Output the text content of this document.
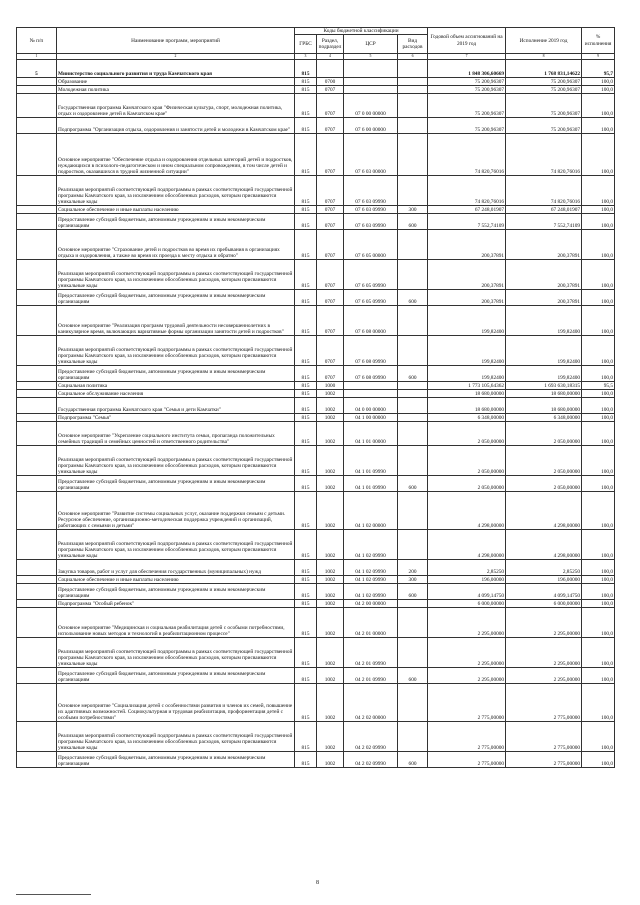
№ п/п	Наименование программ, мероприятий	Коды бюджетной классификации				Годовой объем ассигнований на 2019 год	Исполнение 2019 год	% исполнения
		ГРБС	Раздел, подраздел	ЦСР	Вид расходов			
1	2	3	4	5	6	7	8	9
5	Министерство социального развития и труда Камчатского края	815				1 848 306,60669	1 768 831,14622	95,7
	Образование	815	0700			75 200,96307	75 200,96307	100,0
	Молодежная политика	815	0707			75 200,96307	75 200,96307	100,0
	Государственная программа Камчатского края "Физическая культура, спорт, молодежная политика, отдых и оздоровление детей в Камчатском крае"	815	0707	07 0 00 00000		75 200,96307	75 200,96307	100,0
	Подпрограмма "Организация отдыха, оздоровления и занятости детей и молодежи в Камчатском крае"	815	0707	07 6 00 00000		75 200,96307	75 200,96307	100,0
	Основное мероприятие "Обеспечение отдыха и оздоровления отдельных категорий детей и подростков, нуждающихся в психолого-педагогическом и ином специальном сопровождении, в том числе детей и подростков, оказавшихся в трудной жизненной ситуации"	815	0707	07 6 03 00000		74 820,76016	74 820,76016	100,0
	Реализация мероприятий соответствующей подпрограммы в рамках соответствующей государственной программы Камчатского края, за исключением обособленных расходов, которым присваиваются уникальные коды	815	0707	07 6 03 09990		74 820,76016	74 820,76016	100,0
	Социальное обеспечение и иные выплаты населению	815	0707	07 6 03 09990	300	67 248,01907	67 248,01907	100,0
	Предоставление субсидий бюджетным, автономным учреждениям и иным некоммерческим организациям	815	0707	07 6 03 09990	600	7 552,74109	7 552,74109	100,0
	Основное мероприятие "Страхование детей и подростков во время их пребывания в организациях отдыха и оздоровления, а также во время их проезда к месту отдыха и обратно"	815	0707	07 6 05 00000		200,37891	200,37891	100,0
	Реализация мероприятий соответствующей подпрограммы в рамках соответствующей государственной программы Камчатского края, за исключением обособленных расходов, которым присваиваются уникальные коды	815	0707	07 6 05 09990		200,37891	200,37891	100,0
	Предоставление субсидий бюджетным, автономным учреждениям и иным некоммерческим организациям	815	0707	07 6 05 09990	600	200,37891	200,37891	100,0
	Основное мероприятие "Реализация программ трудовой деятельности несовершеннолетних в каникулярное время, включающих вариативные формы организации занятости детей и подростков"	815	0707	07 6 08 00000		199,82400	199,82400	100,0
	Реализация мероприятий соответствующей подпрограммы в рамках соответствующей государственной программы Камчатского края, за исключением обособленных расходов, которым присваиваются уникальные коды	815	0707	07 6 08 09990		199,82400	199,82400	100,0
	Предоставление субсидий бюджетным, автономным учреждениям и иным некоммерческим организациям	815	0707	07 6 08 09990	600	199,82400	199,82400	100,0
	Социальная политика	815	1000			1 773 105,64362	1 693 630,18315	95,5
	Социальное обслуживание населения	815	1002			18 680,00000	18 680,00000	100,0
	Государственная программа Камчатского края "Семья и дети Камчатки"	815	1002	04 0 00 00000		18 680,00000	18 680,00000	100,0
	Подпрограмма "Семья"	815	1002	04 1 00 00000		6 348,00000	6 348,00000	100,0
	Основное мероприятие "Укрепление социального института семьи, пропаганда положительных семейных традиций и семейных ценностей и ответственного родительства"	815	1002	04 1 01 00000		2 050,00000	2 050,00000	100,0
	Реализация мероприятий соответствующей подпрограммы в рамках соответствующей государственной программы Камчатского края, за исключением обособленных расходов, которым присваиваются уникальные коды	815	1002	04 1 01 09990		2 050,00000	2 050,00000	100,0
	Предоставление субсидий бюджетным, автономным учреждениям и иным некоммерческим организациям	815	1002	04 1 01 09990	600	2 050,00000	2 050,00000	100,0
	Основное мероприятие "Развитие системы социальных услуг, оказание поддержки семьям с детьми. Ресурсное обеспечение, организационно-методическая поддержка учреждений и организаций, работающих с семьями и детьми"	815	1002	04 1 02 00000		4 298,00000	4 298,00000	100,0
	Реализация мероприятий соответствующей подпрограммы в рамках соответствующей государственной программы Камчатского края, за исключением обособленных расходов, которым присваиваются уникальные коды	815	1002	04 1 02 09990		4 298,00000	4 298,00000	100,0
	Закупка товаров, работ и услуг для обеспечения государственных (муниципальных) нужд	815	1002	04 1 02 09990	200	2,85250	2,85250	100,0
	Социальное обеспечение и иные выплаты населению	815	1002	04 1 02 09990	300	196,00000	196,00000	100,0
	Предоставление субсидий бюджетным, автономным учреждениям и иным некоммерческим организациям	815	1002	04 1 02 09990	600	4 099,14750	4 099,14750	100,0
	Подпрограмма "Особый ребенок"	815	1002	04 2 00 00000		6 000,00000	6 000,00000	100,0
	Основное мероприятие "Медицинская и социальная реабилитация детей с особыми потребностями, использование новых методов и технологий в реабилитационном процессе"	815	1002	04 2 01 00000		2 295,00000	2 295,00000	100,0
	Реализация мероприятий соответствующей подпрограммы в рамках соответствующей государственной программы Камчатского края, за исключением обособленных расходов, которым присваиваются уникальные коды	815	1002	04 2 01 09990		2 295,00000	2 295,00000	100,0
	Предоставление субсидий бюджетным, автономным учреждениям и иным некоммерческим организациям	815	1002	04 2 01 09990	600	2 295,00000	2 295,00000	100,0
	Основное мероприятие "Социализация детей с особенностями развития и членов их семей, повышение их адаптивных возможностей. Социокультурная и трудовая реабилитация, профориентация детей с особыми потребностями"	815	1002	04 2 02 00000		2 775,00000	2 775,00000	100,0
	Реализация мероприятий соответствующей подпрограммы в рамках соответствующей государственной программы Камчатского края, за исключением обособленных расходов, которым присваиваются уникальные коды	815	1002	04 2 02 09990		2 775,00000	2 775,00000	100,0
	Предоставление субсидий бюджетным, автономным учреждениям и иным некоммерческим организациям	815	1002	04 2 02 09990	600	2 775,00000	2 775,00000	100,0
8
